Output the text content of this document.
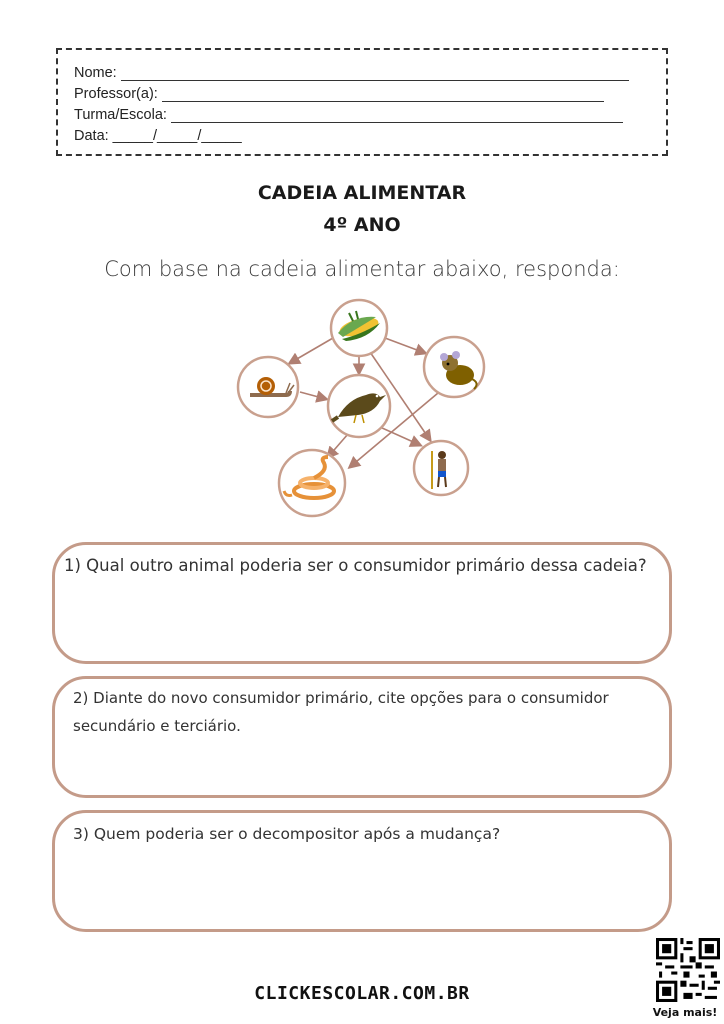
Nome:
Professor(a):
Turma/Escola:
Data: _____/_____/_____
CADEIA ALIMENTAR
4º ANO
Com base na cadeia alimentar abaixo, responda:
1) Qual outro animal poderia ser o consumidor primário dessa cadeia?
2) Diante do novo consumidor primário, cite opções para o consumidor
secundário e terciário.
3) Quem poderia ser o decompositor após a mudança?
CLICKESCOLAR.COM.BR
Veja mais!
